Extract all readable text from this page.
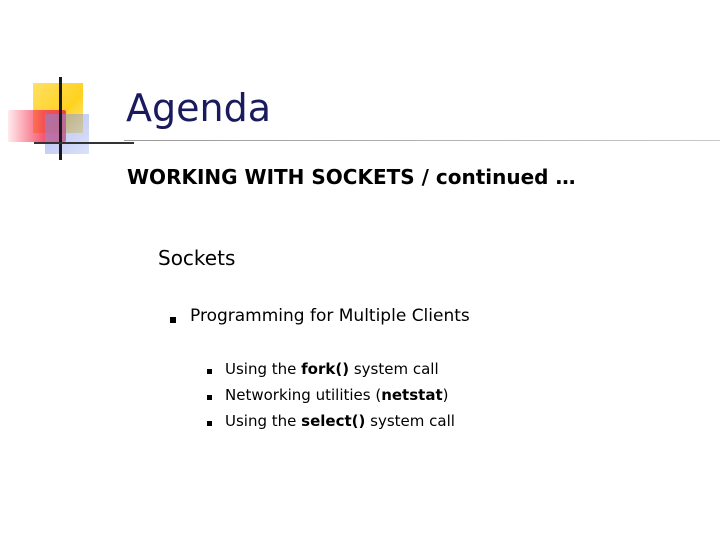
Agenda
WORKING WITH SOCKETS / continued …
Sockets
Programming for Multiple Clients
Using the fork() system call
Networking utilities (netstat)
Using the select() system call
